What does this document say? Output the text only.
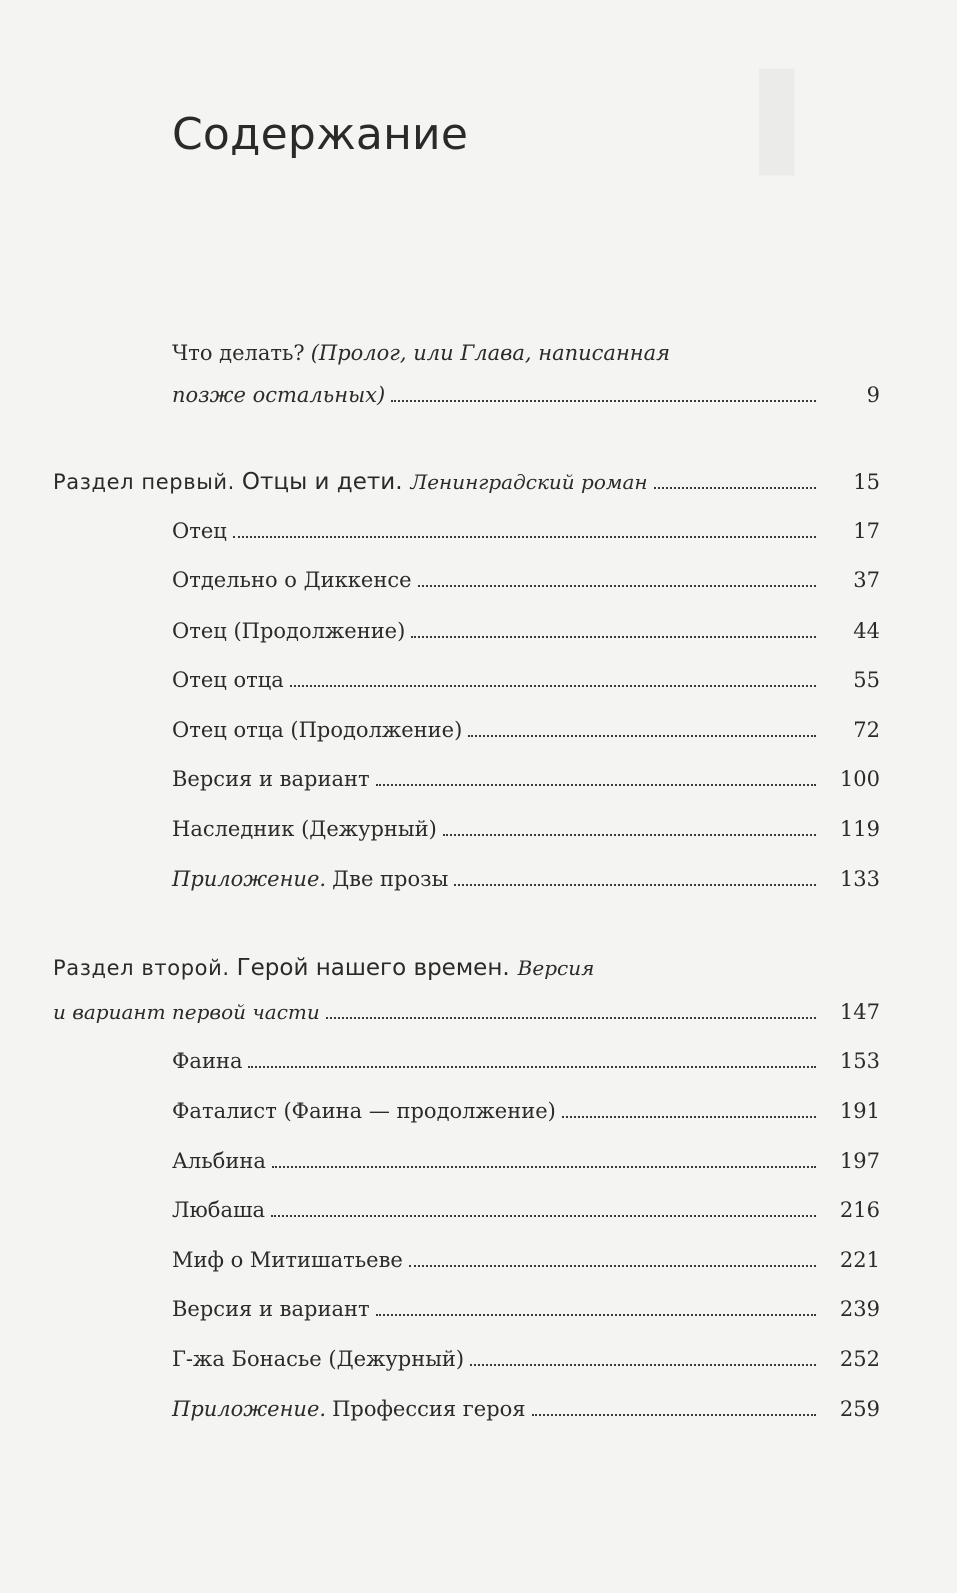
Содержание
Что делать? (Пролог, или Глава, написанная
позже остальных)	9
Раздел первый. Отцы и дети. Ленинградский роман	15
Отец	17
Отдельно о Диккенсе	37
Отец (Продолжение)	44
Отец отца	55
Отец отца (Продолжение)	72
Версия и вариант	100
Наследник (Дежурный)	119
Приложение. Две прозы	133
Раздел второй. Герой нашего времен. Версия
и вариант первой части	147
Фаина	153
Фаталист (Фаина — продолжение)	191
Альбина	197
Любаша	216
Миф о Митишатьеве	221
Версия и вариант	239
Г-жа Бонасье (Дежурный)	252
Приложение. Профессия героя	259
